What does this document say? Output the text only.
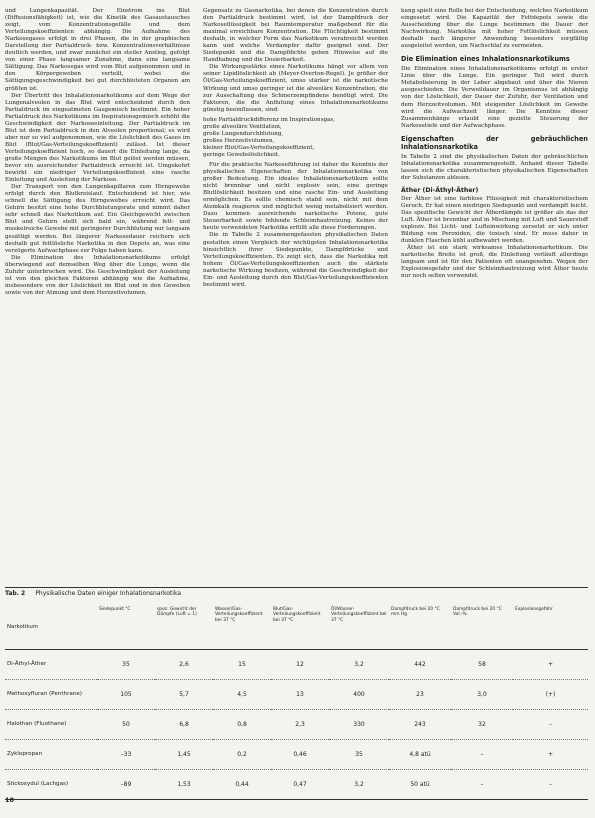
und Lungenkapazität. Der Einstrom ins Blut (Diffusionsfähigkeit) ist, wie die Kinetik des Gasaustausches zeigt, vom Konzentrationsgefälle und dem Verteilungskoeffizienten abhängig. Die Aufnahme des Narkosegases erfolgt in drei Phasen, die in der graphischen Darstellung der Partialdruck- bzw. Konzentrationsverhältnisse deutlich werden, und zwar zunächst ein steiler Anstieg, gefolgt von einer Phase langsamer Zunahme, dann eine langsame Sättigung. Das Narkosegas wird vom Blut aufgenommen und in den Körpergeweben verteilt, wobei die Sättigungsgeschwindigkeit bei gut durchbluteten Organen am größten ist.

Der Übertritt des Inhalationsnarkotikums auf dem Wege der Lungenalveolen in das Blut wird entscheidend durch den Partialdruck im eingeatmeten Gasgemisch bestimmt. Ein hoher Partialdruck des Narkotikums im Inspirationsgemisch erhöht die Geschwindigkeit der Narkoseeinleitung. Der Partialdruck im Blut ist dem Partialdruck in den Alveolen proportional; es wird aber nur so viel aufgenommen, wie die Löslichkeit des Gases im Blut (Blut/Gas-Verteilungskoeffizient) zulässt. Ist dieser Verteilungskoeffizient hoch, so dauert die Einleitung lange, da große Mengen des Narkotikums im Blut gelöst werden müssen, bevor ein ausreichender Partialdruck erreicht ist. Umgekehrt bewirkt ein niedriger Verteilungskoeffizient eine rasche Einleitung und Ausleitung der Narkose.

Der Transport von den Lungenkapillaren zum Hirngewebe erfolgt durch den Blutkreislauf. Entscheidend ist hier, wie schnell die Sättigung des Hirngewebes erreicht wird. Das Gehirn besitzt eine hohe Durchblutungsrate und nimmt daher sehr schnell das Narkotikum auf. Ein Gleichgewicht zwischen Blut und Gehirn stellt sich bald ein, während fett- und muskelreiche Gewebe mit geringerer Durchblutung nur langsam gesättigt werden. Bei längerer Narkosedauer reichern sich deshalb gut fettlösliche Narkotika in den Depots an, was eine verzögerte Aufwachphase zur Folge haben kann.

Die Elimination des Inhalationsnarkotikums erfolgt überwiegend auf demselben Weg über die Lunge, wenn die Zufuhr unterbrochen wird. Die Geschwindigkeit der Ausleitung ist von den gleichen Faktoren abhängig wie die Aufnahme, insbesondere von der Löslichkeit im Blut und in den Geweben sowie von der Atmung und dem Herzzeitvolumen.

Gegensatz zu Gasnarkotika, bei denen die Konzentration durch den Partialdruck bestimmt wird, ist der Dampfdruck der Narkoseflüssigkeit bei Raumtemperatur maßgebend für die maximal erreichbare Konzentration. Die Flüchtigkeit bestimmt deshalb, in welcher Form das Narkotikum verabreicht werden kann und welche Verdampfer dafür geeignet sind. Der Siedepunkt und die Dampfdichte geben Hinweise auf die Handhabung und die Dosierbarkeit.

Die Wirkungsstärke eines Narkotikums hängt vor allem von seiner Lipidlöslichkeit ab (Meyer-Overton-Regel). Je größer der Öl/Gas-Verteilungskoeffizient, umso stärker ist die narkotische Wirkung und umso geringer ist die alveoläre Konzentration, die zur Ausschaltung des Schmerzempfindens benötigt wird. Die Faktoren, die die Anflutung eines Inhalationsnarkotikums günstig beeinflussen, sind:

hohe Partialdruckdifferenz im Inspirationsgas,
große alveoläre Ventilation,
große Lungendurchblutung,
großes Herzzeitvolumen,
kleiner Blut/Gas-Verteilungskoeffizient,
geringe Gewebslöslichkeit.

Für die praktische Narkoseführung ist daher die Kenntnis der physikalischen Eigenschaften der Inhalationsnarkotika von großer Bedeutung. Ein ideales Inhalationsnarkotikum sollte nicht brennbar und nicht explosiv sein, eine geringe Blutlöslichkeit besitzen und eine rasche Ein- und Ausleitung ermöglichen. Es sollte chemisch stabil sein, nicht mit dem Atemkalk reagieren und möglichst wenig metabolisiert werden. Dazu kommen ausreichende narkotische Potenz, gute Steuerbarkeit sowie fehlende Schleimhautreizung. Keines der heute verwendeten Narkotika erfüllt alle diese Forderungen.

Die in Tabelle 2 zusammengefassten physikalischen Daten gestatten einen Vergleich der wichtigsten Inhalationsnarkotika hinsichtlich ihrer Siedepunkte, Dampfdrücke und Verteilungskoeffizienten. Es zeigt sich, dass die Narkotika mit hohem Öl/Gas-Verteilungskoeffizienten auch die stärkste narkotische Wirkung besitzen, während die Geschwindigkeit der Ein- und Ausleitung durch den Blut/Gas-Verteilungskoeffizienten bestimmt wird.

kung spielt eine Rolle bei der Entscheidung, welches Narkotikum eingesetzt wird. Die Kapazität der Fettdepots sowie die Ausscheidung über die Lunge bestimmen die Dauer der Nachwirkung. Narkotika mit hoher Fettlöslichkeit müssen deshalb nach längerer Anwendung besonders sorgfältig ausgeleitet werden, um Nachschlaf zu vermeiden.

Die Elimination eines Inhalationsnarkotikums

Die Elimination eines Inhalationsnarkotikums erfolgt in erster Linie über die Lunge. Ein geringer Teil wird durch Metabolisierung in der Leber abgebaut und über die Nieren ausgeschieden. Die Verweildauer im Organismus ist abhängig von der Löslichkeit, der Dauer der Zufuhr, der Ventilation und dem Herzzeitvolumen. Mit steigender Löslichkeit im Gewebe wird die Aufwachzeit länger. Die Kenntnis dieser Zusammenhänge erlaubt eine gezielte Steuerung der Narkosetiefe und der Aufwachphase.

Eigenschaften der gebräuchlichen Inhalationsnarkotika

In Tabelle 2 sind die physikalischen Daten der gebräuchlichen Inhalationsnarkotika zusammengestellt. Anhand dieser Tabelle lassen sich die charakteristischen physikalischen Eigenschaften der Substanzen ablesen.

Äther (Di-Äthyl-Äther)

Der Äther ist eine farblose Flüssigkeit mit charakteristischem Geruch. Er hat einen niedrigen Siedepunkt und verdampft leicht. Das spezifische Gewicht der Ätherdämpfe ist größer als das der Luft. Äther ist brennbar und in Mischung mit Luft und Sauerstoff explosiv. Bei Licht- und Lufteinwirkung zersetzt er sich unter Bildung von Peroxiden, die toxisch sind. Er muss daher in dunklen Flaschen kühl aufbewahrt werden.

Äther ist ein stark wirksames Inhalationsnarkotikum. Die narkotische Breite ist groß, die Einleitung verläuft allerdings langsam und ist für den Patienten oft unangenehm. Wegen der Explosionsgefahr und der Schleimhautreizung wird Äther heute nur noch selten verwendet.

Tab. 2 Physikalische Daten einiger Inhalationsnarkotika
Narkotikum	Siedepunkt °C	spez. Gewicht der Dämpfe (Luft = 1)	Wasser/Gas-Verteilungskoeffizient bei 37 °C	Blut/Gas-Verteilungskoeffizient bei 37 °C	Öl/Wasser-Verteilungskoeffizient bei 37 °C	Dampfdruck bei 20 °C mm Hg	Dampfdruck bei 20 °C Vol.-%	Explosionsgefahr
Di-Äthyl-Äther	35	2,6	15	12	3,2	442	58	+
Methoxyfluran (Penthrane)	105	5,7	4,5	13	400	23	3,0	(+)
Halothan (Fluothane)	50	6,8	0,8	2,3	330	243	32	–
Zyklopropan	–33	1,45	0,2	0,46	35	4,8 atü	–	+
Stickoxydul (Lachgas)	–89	1,53	0,44	0,47	3,2	50 atü	–	–
18
